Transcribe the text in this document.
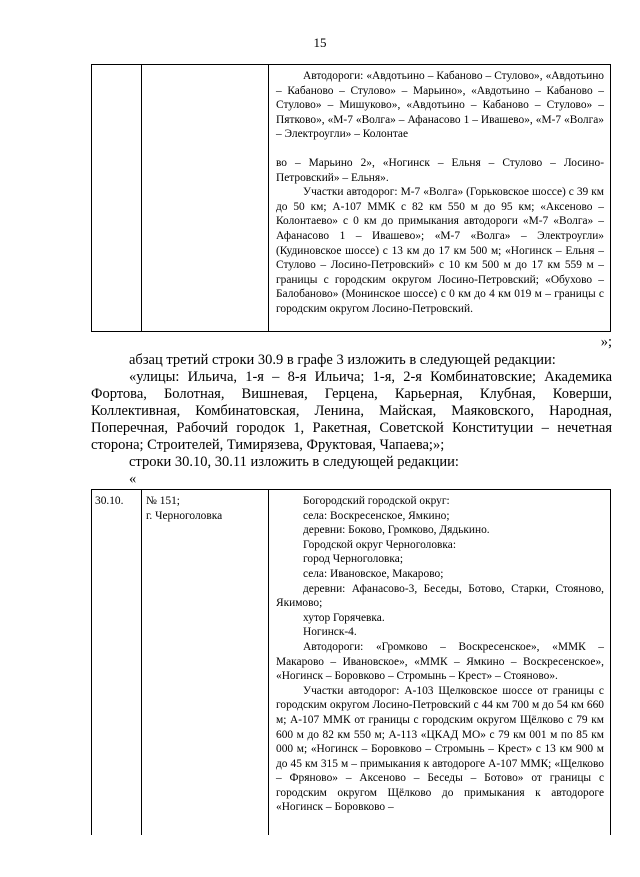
15

Автодороги: «Авдотьино – Кабаново – Стулово», «Авдотьино – Кабаново – Стулово» – Марьино», «Авдотьино – Кабаново – Стулово» – Мишуково», «Авдотьино – Кабаново – Стулово» – Пятково», «М-7 «Волга» – Афанасово 1 – Ивашево», «М-7 «Волга» – Электроугли» – Колонтае

во – Марьино 2», «Ногинск – Ельня – Стулово – Лосино-Петровский» – Ельня».

Участки автодорог: М-7 «Волга» (Горьковское шоссе) с 39 км до 50 км; А-107 ММК с 82 км 550 м до 95 км; «Аксеново – Колонтаево» с 0 км до примыкания автодороги «М-7 «Волга» – Афанасово 1 – Ивашево»; «М-7 «Волга» – Электроугли» (Кудиновское шоссе) с 13 км до 17 км 500 м; «Ногинск – Ельня – Стулово – Лосино-Петровский» с 10 км 500 м до 17 км 559 м – границы с городским округом Лосино-Петровский; «Обухово – Балобаново» (Монинское шоссе) с 0 км до 4 км 019 м – границы с городским округом Лосино-Петровский.

»;

абзац третий строки 30.9 в графе 3 изложить в следующей редакции:

«улицы: Ильича, 1-я – 8-я Ильича; 1-я, 2-я Комбинатовские; Академика Фортова, Болотная, Вишневая, Герцена, Карьерная, Клубная, Коверши, Коллективная, Комбинатовская, Ленина, Майская, Маяковского, Народная, Поперечная, Рабочий городок 1, Ракетная, Советской Конституции – нечетная сторона; Строителей, Тимирязева, Фруктовая, Чапаева;»;

строки 30.10, 30.11 изложить в следующей редакции:

«

30.10.	№ 151;
г. Черноголовка

Богородский городской округ:

села: Воскресенское, Ямкино;

деревни: Боково, Громково, Дядькино.

Городской округ Черноголовка:

город Черноголовка;

села: Ивановское, Макарово;

деревни: Афанасово-3, Беседы, Ботово, Старки, Стояново, Якимово;

хутор Горячевка.

Ногинск-4.

Автодороги: «Громково – Воскресенское», «ММК – Макарово – Ивановское», «ММК – Ямкино – Воскресенское», «Ногинск – Боровково – Стромынь – Крест» – Стояново».

Участки автодорог: А-103 Щелковское шоссе от границы с городским округом Лосино-Петровский с 44 км 700 м до 54 км 660 м; А-107 ММК от границы с городским округом Щёлково с 79 км 600 м до 82 км 550 м; А-113 «ЦКАД МО» с 79 км 001 м по 85 км 000 м; «Ногинск – Боровково – Стромынь – Крест» с 13 км 900 м до 45 км 315 м – примыкания к автодороге А-107 ММК; «Щелково – Фряново» – Аксеново – Беседы – Ботово» от границы с городским округом Щёлково до примыкания к автодороге «Ногинск – Боровково –
